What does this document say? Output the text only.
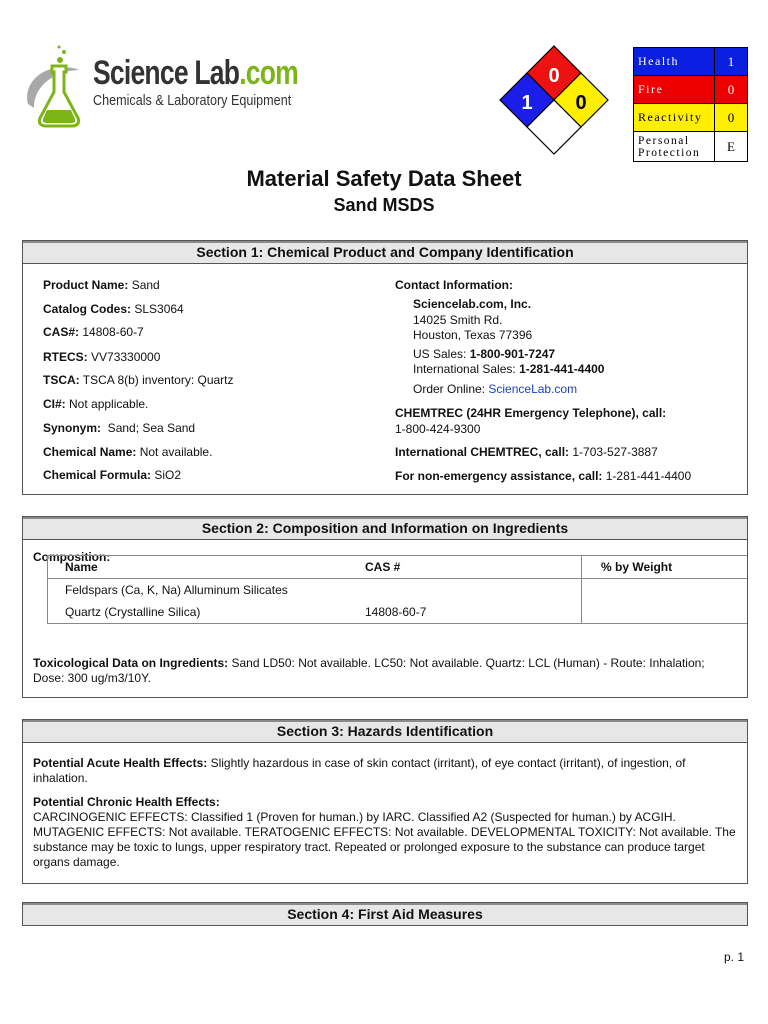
Science Lab.com
Chemicals & Laboratory Equipment
0
1 0
Health	1
Fire	0
Reactivity	0
Personal
Protection	E
Material Safety Data Sheet
Sand MSDS
Section 1: Chemical Product and Company Identification
Product Name: Sand
Catalog Codes: SLS3064
CAS#: 14808-60-7
RTECS: VV73330000
TSCA: TSCA 8(b) inventory: Quartz
CI#: Not applicable.
Synonym:  Sand; Sea Sand
Chemical Name: Not available.
Chemical Formula: SiO2
Contact Information:
Sciencelab.com, Inc.
14025 Smith Rd.
Houston, Texas 77396
US Sales: 1-800-901-7247
International Sales: 1-281-441-4400
Order Online: ScienceLab.com
CHEMTREC (24HR Emergency Telephone), call:
1-800-424-9300
International CHEMTREC, call: 1-703-527-3887
For non-emergency assistance, call: 1-281-441-4400
Section 2: Composition and Information on Ingredients
Composition:
Name	CAS #	% by Weight
Feldspars (Ca, K, Na) Alluminum Silicates		
Quartz (Crystalline Silica)	14808-60-7	
Toxicological Data on Ingredients: Sand LD50: Not available. LC50: Not available. Quartz: LCL (Human) - Route: Inhalation; Dose: 300 ug/m3/10Y.
Section 3: Hazards Identification
Potential Acute Health Effects: Slightly hazardous in case of skin contact (irritant), of eye contact (irritant), of ingestion, of inhalation.
Potential Chronic Health Effects:
CARCINOGENIC EFFECTS: Classified 1 (Proven for human.) by IARC. Classified A2 (Suspected for human.) by ACGIH. MUTAGENIC EFFECTS: Not available. TERATOGENIC EFFECTS: Not available. DEVELOPMENTAL TOXICITY: Not available. The substance may be toxic to lungs, upper respiratory tract. Repeated or prolonged exposure to the substance can produce target organs damage.
Section 4: First Aid Measures
p. 1
